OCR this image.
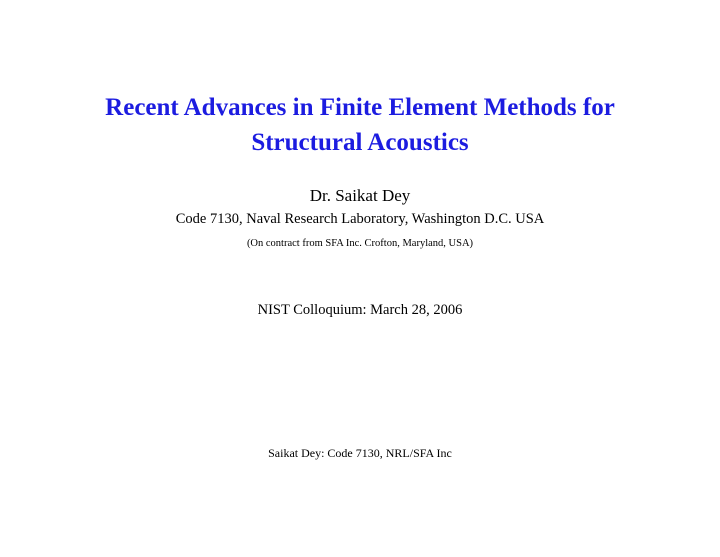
Recent Advances in Finite Element Methods for
Structural Acoustics
Dr. Saikat Dey
Code 7130, Naval Research Laboratory, Washington D.C. USA
(On contract from SFA Inc. Crofton, Maryland, USA)
NIST Colloquium: March 28, 2006
Saikat Dey: Code 7130, NRL/SFA Inc
